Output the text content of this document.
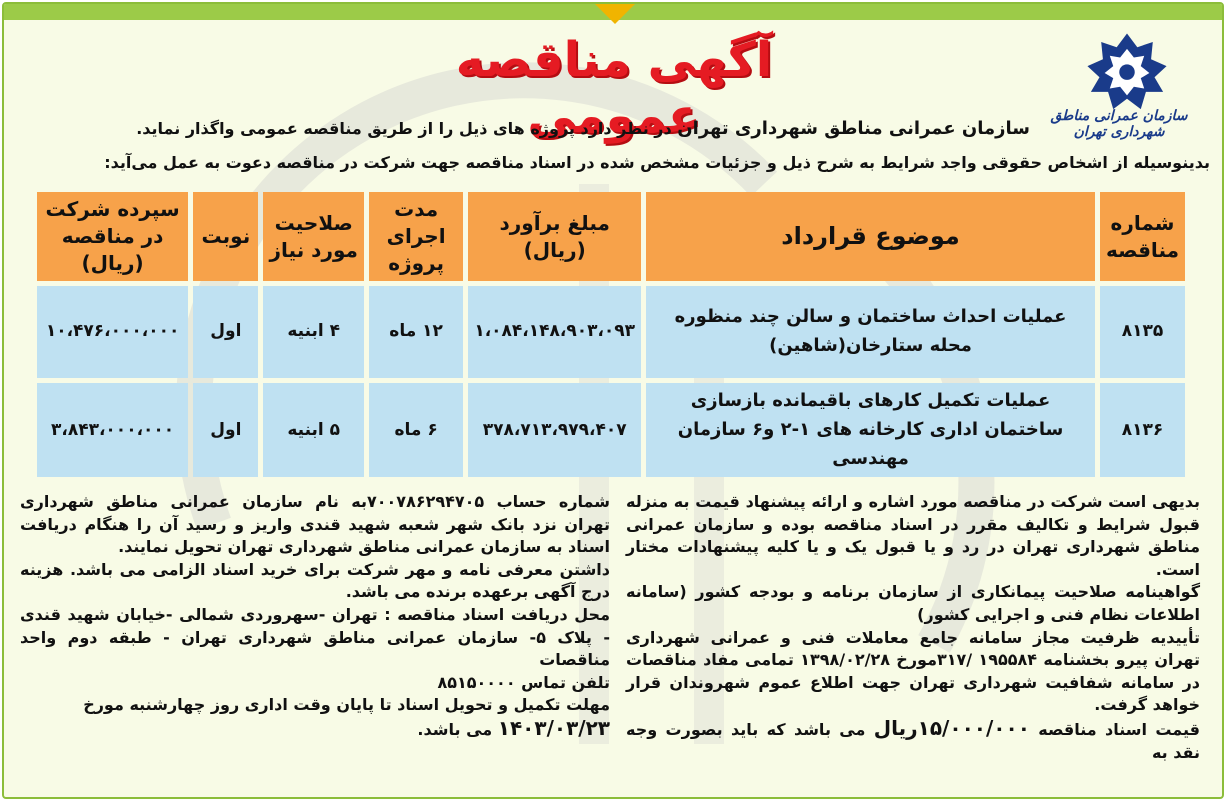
آگهی مناقصه عمومی	سازمان عمرانی مناطق شهرداری تهران
سازمان عمرانی مناطق شهرداری تهران در نظر دارد پروژه های ذیل را از طریق مناقصه عمومی واگذار نماید.
بدینوسیله از اشخاص حقوقی واجد شرایط به شرح ذیل و جزئیات مشخص شده در اسناد مناقصه جهت شرکت در مناقصه دعوت به عمل می‌آید:
شماره مناقصه	موضوع قرارداد	مبلغ برآورد (ریال)	مدت اجرای پروژه	صلاحیت مورد نیاز	نوبت	سپرده شرکت در مناقصه (ریال)
۸۱۳۵	عملیات احداث ساختمان و سالن چند منظوره محله ستارخان(شاهین)	۱،۰۸۴،۱۴۸،۹۰۳،۰۹۳	۱۲ ماه	۴ ابنیه	اول	۱۰،۴۷۶،۰۰۰،۰۰۰
۸۱۳۶	عملیات تکمیل کارهای باقیمانده بازسازی ساختمان اداری کارخانه های ۱-۲ و۶ سازمان مهندسی	۳۷۸،۷۱۳،۹۷۹،۴۰۷	۶ ماه	۵ ابنیه	اول	۳،۸۴۳،۰۰۰،۰۰۰

بدیهی است شرکت در مناقصه مورد اشاره و ارائه پیشنهاد قیمت به منزله قبول شرایط و تکالیف مقرر در اسناد مناقصه بوده و سازمان عمرانی مناطق شهرداری تهران در رد و یا قبول یک و یا کلیه پیشنهادات مختار است.

گواهینامه صلاحیت پیمانکاری از سازمان برنامه و بودجه کشور (سامانه اطلاعات نظام فنی و اجرایی کشور)

تأییدیه ظرفیت مجاز سامانه جامع معاملات فنی و عمرانی شهرداری تهران پیرو بخشنامه ۱۹۵۵۸۴ /۳۱۷مورخ ۱۳۹۸/۰۲/۲۸ تمامی مفاد مناقصات در سامانه شفافیت شهرداری تهران جهت اطلاع عموم شهروندان قرار خواهد گرفت.

قیمت اسناد مناقصه ۱۵/۰۰۰/۰۰۰ریال می باشد که باید بصورت وجه نقد به

شماره حساب ۷۰۰۷۸۶۲۹۴۷۰۵به نام سازمان عمرانی مناطق شهرداری تهران نزد بانک شهر شعبه شهید قندی واریز و رسید آن را هنگام دریافت اسناد به سازمان عمرانی مناطق شهرداری تهران تحویل نمایند.

داشتن معرفی نامه و مهر شرکت برای خرید اسناد الزامی می باشد. هزینه درج آگهی برعهده برنده می باشد.

محل دریافت اسناد مناقصه : تهران -سهروردی شمالی -خیابان شهید قندی - پلاک ۵- سازمان عمرانی مناطق شهرداری تهران - طبقه دوم واحد مناقصات

تلفن تماس ۸۵۱۵۰۰۰۰

مهلت تکمیل و تحویل اسناد تا پایان وقت اداری روز چهارشنبه مورخ

۱۴۰۳/۰۳/۲۳ می باشد.
